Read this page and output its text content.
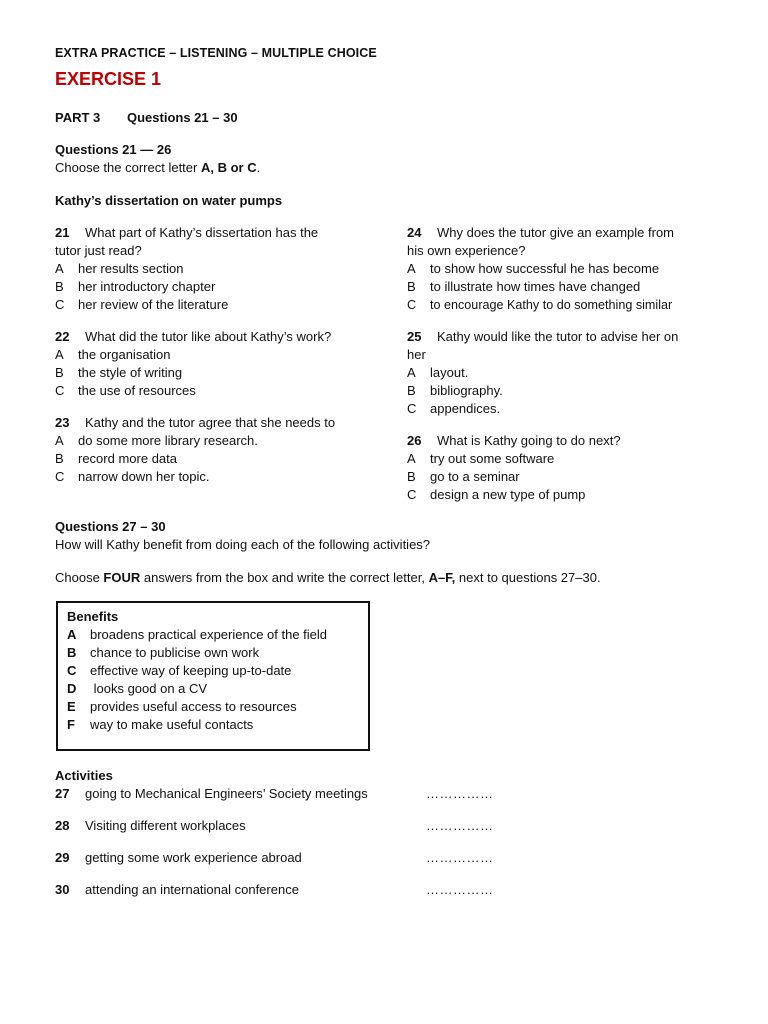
EXTRA PRACTICE – LISTENING – MULTIPLE CHOICE
EXERCISE 1
PART 3 Questions 21 – 30
Questions 21 — 26
Choose the correct letter A, B or C.
Kathy’s dissertation on water pumps
21 What part of Kathy’s dissertation has the
tutor just read?
A her results section
B her introductory chapter
C her review of the literature
22 What did the tutor like about Kathy’s work?
A the organisation
B the style of writing
C the use of resources
23 Kathy and the tutor agree that she needs to
A do some more library research.
B record more data
C narrow down her topic.
24 Why does the tutor give an example from
his own experience?
A to show how successful he has become
B to illustrate how times have changed
C to encourage Kathy to do something similar
25 Kathy would like the tutor to advise her on
her
A layout.
B bibliography.
C appendices.
26 What is Kathy going to do next?
A try out some software
B go to a seminar
C design a new type of pump
Questions 27 – 30
How will Kathy benefit from doing each of the following activities?
Choose FOUR answers from the box and write the correct letter, A–F, next to questions 27–30.
Benefits
A broadens practical experience of the field
B chance to publicise own work
C effective way of keeping up-to-date
D looks good on a CV
E provides useful access to resources
F way to make useful contacts
Activities
27 going to Mechanical Engineers’ Society meetings	……………
28 Visiting different workplaces	……………
29 getting some work experience abroad	……………
30 attending an international conference	……………
